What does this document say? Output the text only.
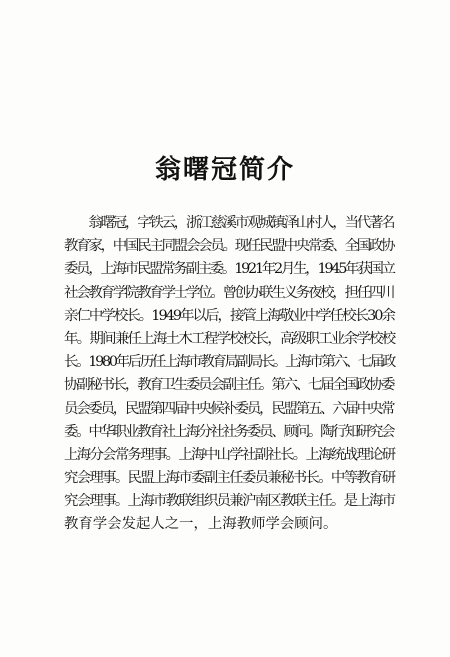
翁曙冠简介
　　翁曙冠，字铁云，浙江慈溪市观城镇泽山村人，当代著名
教育家，中国民主同盟会会员。现任民盟中央常委、全国政协
委员，上海市民盟常务副主委。1921年2月生，1945年获国立
社会教育学院教育学士学位。曾创办联生义务夜校，担任四川
亲仁中学校长。1949年以后，接管上海敬业中学任校长30余
年。期间兼任上海土木工程学校校长，高级职工业余学校校
长。1980年后历任上海市教育局副局长。上海市第六、七届政
协副秘书长，教育卫生委员会副主任。第六、七届全国政协委
员会委员，民盟第四届中央候补委员，民盟第五、六届中央常
委。中华职业教育社上海分社社务委员、顾问。陶行知研究会
上海分会常务理事。上海中山学社副社长。上海统战理论研
究会理事。民盟上海市委副主任委员兼秘书长。中等教育研
究会理事。上海市教联组织员兼沪南区教联主任。是上海市
教育学会发起人之一，上海教师学会顾问。
